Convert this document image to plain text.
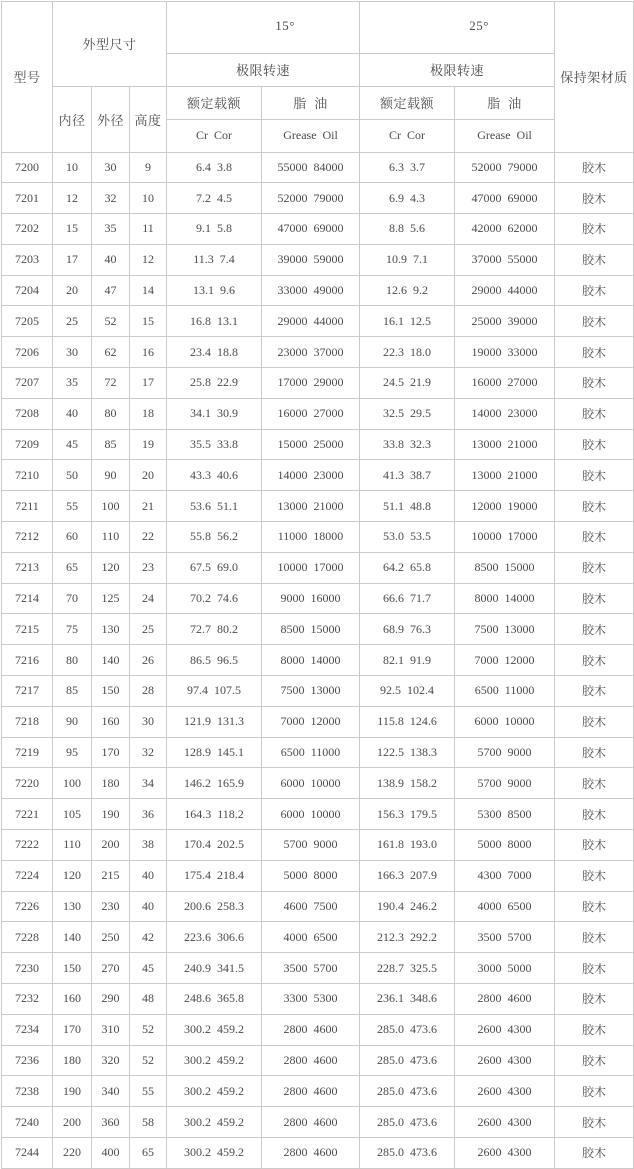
型号	外型尺寸			15°		25°		保持架材质
				极限转速		极限转速		
	内径	外径	高度	额定载额	脂  油	额定载额	脂  油	
				Cr  Cor	Grease  Oil	Cr  Cor	Grease  Oil	
7200	10	30	9	6.4  3.8	55000  84000	6.3  3.7	52000  79000	胶木
7201	12	32	10	7.2  4.5	52000  79000	6.9  4.3	47000  69000	胶木
7202	15	35	11	9.1  5.8	47000  69000	8.8  5.6	42000  62000	胶木
7203	17	40	12	11.3  7.4	39000  59000	10.9  7.1	37000  55000	胶木
7204	20	47	14	13.1  9.6	33000  49000	12.6  9.2	29000  44000	胶木
7205	25	52	15	16.8  13.1	29000  44000	16.1  12.5	25000  39000	胶木
7206	30	62	16	23.4  18.8	23000  37000	22.3  18.0	19000  33000	胶木
7207	35	72	17	25.8  22.9	17000  29000	24.5  21.9	16000  27000	胶木
7208	40	80	18	34.1  30.9	16000  27000	32.5  29.5	14000  23000	胶木
7209	45	85	19	35.5  33.8	15000  25000	33.8  32.3	13000  21000	胶木
7210	50	90	20	43.3  40.6	14000  23000	41.3  38.7	13000  21000	胶木
7211	55	100	21	53.6  51.1	13000  21000	51.1  48.8	12000  19000	胶木
7212	60	110	22	55.8  56.2	11000  18000	53.0  53.5	10000  17000	胶木
7213	65	120	23	67.5  69.0	10000  17000	64.2  65.8	8500  15000	胶木
7214	70	125	24	70.2  74.6	9000  16000	66.6  71.7	8000  14000	胶木
7215	75	130	25	72.7  80.2	8500  15000	68.9  76.3	7500  13000	胶木
7216	80	140	26	86.5  96.5	8000  14000	82.1  91.9	7000  12000	胶木
7217	85	150	28	97.4  107.5	7500  13000	92.5  102.4	6500  11000	胶木
7218	90	160	30	121.9  131.3	7000  12000	115.8  124.6	6000  10000	胶木
7219	95	170	32	128.9  145.1	6500  11000	122.5  138.3	5700  9000	胶木
7220	100	180	34	146.2  165.9	6000  10000	138.9  158.2	5700  9000	胶木
7221	105	190	36	164.3  118.2	6000  10000	156.3  179.5	5300  8500	胶木
7222	110	200	38	170.4  202.5	5700  9000	161.8  193.0	5000  8000	胶木
7224	120	215	40	175.4  218.4	5000  8000	166.3  207.9	4300  7000	胶木
7226	130	230	40	200.6  258.3	4600  7500	190.4  246.2	4000  6500	胶木
7228	140	250	42	223.6  306.6	4000  6500	212.3  292.2	3500  5700	胶木
7230	150	270	45	240.9  341.5	3500  5700	228.7  325.5	3000  5000	胶木
7232	160	290	48	248.6  365.8	3300  5300	236.1  348.6	2800  4600	胶木
7234	170	310	52	300.2  459.2	2800  4600	285.0  473.6	2600  4300	胶木
7236	180	320	52	300.2  459.2	2800  4600	285.0  473.6	2600  4300	胶木
7238	190	340	55	300.2  459.2	2800  4600	285.0  473.6	2600  4300	胶木
7240	200	360	58	300.2  459.2	2800  4600	285.0  473.6	2600  4300	胶木
7244	220	400	65	300.2  459.2	2800  4600	285.0  473.6	2600  4300	胶木
